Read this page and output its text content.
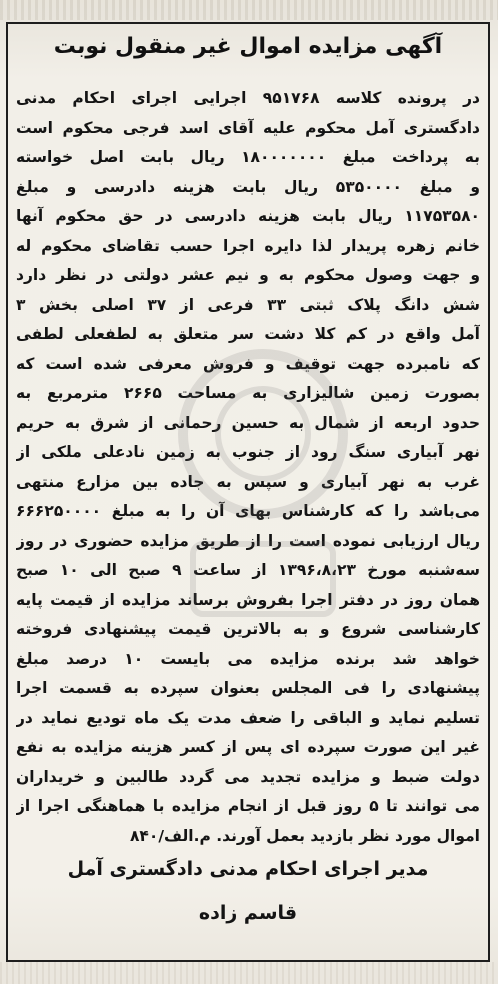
آگهی مزایده اموال غیر منقول نوبت
در پرونده کلاسه ۹۵۱۷۶۸ اجرایی اجرای احکام مدنی
دادگستری آمل محکوم علیه آقای اسد فرجی محکوم است
به پرداخت مبلغ ۱۸۰۰۰۰۰۰۰ ریال بابت اصل خواسته
و مبلغ ۵۳۵۰۰۰۰ ریال بابت هزینه دادرسی و مبلغ
۱۱۷۵۳۵۸۰ ریال بابت هزینه دادرسی در حق محکوم آنها
خانم زهره پریدار لذا دایره اجرا حسب تقاضای محکوم له
و جهت وصول محکوم به و نیم عشر دولتی در نظر دارد
شش دانگ پلاک ثبتی ۳۳ فرعی از ۳۷ اصلی بخش ۳
آمل واقع در کم کلا دشت سر متعلق به لطفعلی لطفی
که نامبرده جهت توقیف و فروش معرفی شده است که
بصورت زمین شالیزاری به مساحت ۲۶۶۵ مترمربع به
حدود اربعه از شمال به حسین رحمانی از شرق به حریم
نهر آبیاری سنگ رود از جنوب به زمین نادعلی ملکی از
غرب به نهر آبیاری و سپس به جاده بین مزارع منتهی
می‌باشد را که کارشناس بهای آن را به مبلغ ۶۶۶۲۵۰۰۰۰
ریال ارزیابی نموده است را از طریق مزایده حضوری در روز
سه‌شنبه مورخ ۱۳۹۶،۸،۲۳ از ساعت ۹ صبح الی ۱۰ صبح
همان روز در دفتر اجرا بفروش برساند مزایده از قیمت پایه
کارشناسی شروع و به بالاترین قیمت پیشنهادی فروخته
خواهد شد برنده مزایده می بایست ۱۰ درصد مبلغ
پیشنهادی را فی المجلس بعنوان سپرده به قسمت اجرا
تسلیم نماید و الباقی را ضعف مدت یک ماه تودیع نماید در
غیر این صورت سپرده ای پس از کسر هزینه مزایده به نفع
دولت ضبط و مزایده تجدید می گردد طالبین و خریداران
می توانند تا ۵ روز قبل از انجام مزایده با هماهنگی اجرا از
اموال مورد نظر بازدید بعمل آورند. م.الف/۸۴۰
مدیر اجرای احکام مدنی دادگستری آمل
قاسم زاده
